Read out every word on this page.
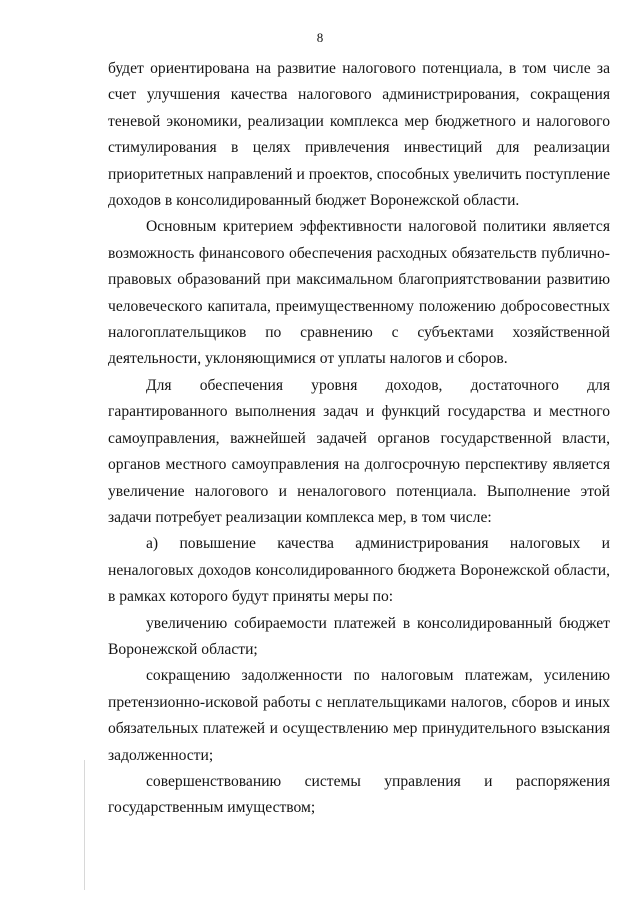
8

будет ориентирована на развитие налогового потенциала, в том числе за счет улучшения качества налогового администрирования, сокращения теневой экономики, реализации комплекса мер бюджетного и налогового стимулирования в целях привлечения инвестиций для реализации приоритетных направлений и проектов, способных увеличить поступление доходов в консолидированный бюджет Воронежской области.

Основным критерием эффективности налоговой политики является возможность финансового обеспечения расходных обязательств публично-правовых образований при максимальном благоприятствовании развитию человеческого капитала, преимущественному положению добросовестных налогоплательщиков по сравнению с субъектами хозяйственной деятельности, уклоняющимися от уплаты налогов и сборов.

Для обеспечения уровня доходов, достаточного для гарантированного выполнения задач и функций государства и местного самоуправления, важнейшей задачей органов государственной власти, органов местного самоуправления на долгосрочную перспективу является увеличение налогового и неналогового потенциала. Выполнение этой задачи потребует реализации комплекса мер, в том числе:

а) повышение качества администрирования налоговых и неналоговых доходов консолидированного бюджета Воронежской области, в рамках которого будут приняты меры по:

увеличению собираемости платежей в консолидированный бюджет Воронежской области;

сокращению задолженности по налоговым платежам, усилению претензионно-исковой работы с неплательщиками налогов, сборов и иных обязательных платежей и осуществлению мер принудительного взыскания задолженности;

совершенствованию системы управления и распоряжения государственным имуществом;
